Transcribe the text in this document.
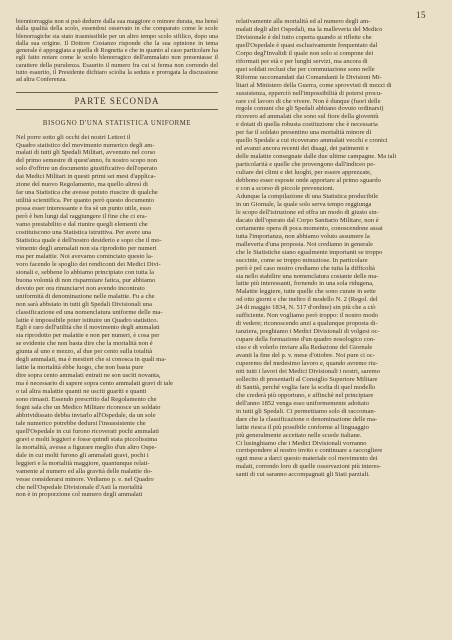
15

bienniorraggia non si può dedurre dalla sua maggiore o minore durata, ma bensì dalla qualità della scolo, essendosi osservato in che comparato come le scole blenorragiche sia stato trasmissibile per un altro tempo scolo sifilico, dopo una dalla sua origine. Il Dottore Costanzo risponde che la sua opinione in tema generale è appoggiata a quella di Rognetta e che in quanto al caso particolare ha egli fatto notare come le scolo blenorragico dell'ammalato non presentasse il carattere della purulenza. Esaurito il numero fra cui si ferma non correndo del tutto esaurito, il Presidente dichiaro sciolta la seduta e prorogata la discussione ad altra Conferenza.

PARTE SECONDA
BISOGNO D'UNA STATISTICA UNIFORME
Nel porre sotto gli occhi dei nostri Lettori il
Quadro statistico del movimento numerico degli am-
malati di tutti gli Spedali Militari, avvenuto nel corso
del primo semestre di quest'anno, fu nostro scopo non
solo d'offrire un documento giustificativo dell'operato
dai Medici Militari in questi primi sei mesi d'applica-
zione del nuovo Regolamento, ma quello altresì di
far una Statistica che avesse potuto riuscire di qualche
utilità scientifica. Per quanto però questo documento
possa esser interessante e fra sè un punto utile, esso
però è ben lungi dal raggiungere il fine che ci era-
vamo prestabilito e dal riunire quegli elementi che
costituiscono una Statistica istruttiva. Per avere una
Statistica quale è dell'nostro desiderio e sopo che il mo-
vimento degli ammalati non sia riprodotto per numeri
ma per malattie. Noi avevamo cominciato questo la-
voro facendo le spoglio dei rendiconti dei Medici Divi-
sionali e, sebbene lo abbiamo principiato con tutta la
buona volontà di non risparmiare fatica, pur abbiamo
dovuto per ora rinunciarvi non avendo incontrato
uniformità di denominazione nelle malattie. Fu a che
non sarà abbstato in tutti gli Spedali Divisionali una
classificazione ed una nomenclatura uniforme delle ma-
lattie è impossibile poter istituire un Quadro statistico.
Egli è raro dell'utilità che il movimento degli ammalati
sia riprodotto per malattie e non per numeri, è cosa per
se evidente che non basta dire che la mortalità non è
giunta al uno e mezzo, al due per cento sulla totalità
degli ammalati, ma è mestieri che si conosca in quali ma-
lattie la mortalità ebbe luogo, che non basta pure
dire sopra cento ammalati entrati ne son usciti novanta,
ma è necessario di sapere sopra cento ammalati gravi di tale
o tal altra malattie quanti ne usciti guariti e quanti
sono rimasti. Essendo prescritto dal Regolamento che
fogni sala che un Medico Militare riconosce un soldato
abbrividissato debba inviarlo all'Ospedale, da un sole
tale numerico potrebbe dedursi l'insussistente che
quell'Ospedale in cui furono ricoverati pochi ammalati
gravi e molti leggieri e fosse quindi stata piccolissima
la mortalità, avesse a figurare meglio d'un altro Ospe-
dale in cui molti furono gli ammalati gravi, pochi i
leggieri e la mortalità maggiore, quantunque relati-
vamente al numero ed alla gravità delle malattie do-
vesse considerarsi minore. Vediamo p. e. nel Quadro
che nell'Ospedale Divisionale d'Asti la mortalità
non è in proporzione col numero degli ammalati
relativamente alla mortalità ed al numero degli am-
malati degli altri Ospedali, ma la malleveria del Medico
Divisionale è del tutto coperta quando si riflette che
quell'Ospedale è quasi esclusivamente frequentato dal
Corpo degl'Invalidi il quale non solo si compone dei
riformati per età e per lunghi servizi, ma ancora di
quei soldati reclusi che per commutazione sono nelle
Riforme raccomandati dai Comandanti le Divisioni Mi-
litari al Ministero della Guerra, come sprovvisti di mezzi di
sussistenza, epperciò nell'impossibilità di potersi procu-
rare col lavoro di che vivere. Non è dunque (fuori delle
regole comuni che gli Spedali abbiano dovuto ordinarsi)
ricovero ad ammalati che sono sul fiore della gioventù
e dotati di quella robusta costituzione che è necessaria
per far il soldato presentino una mortalità minore di
quello Spedale a cui ricoverano ammalati vecchi e cronici
ed avanzi ancora recenti dei disagi, dei patimenti e
delle malattie consegnate dalle due ultime campagne. Ma tali
particolarità e quelle che provengono dall'indiceo pe-
culiare dei climi e dei luoghi, per essere apprezzate,
debbono esser esposte onde apportare al primo sguardo
e con a scorso di piccole prevenzioni.
Adunque la compilazione di una Statistica producibile
in un Giornale, la quale solo serva tempo reggiunga
le scopo dell'istruzione ed offra un modo di giusto sin-
dacato dell'operato dal Corpo Sanitario Militare, non è
certamente opera di poca momento, conoscendone assai
tutta l'importanza, non abbiamo voluto assumere la
malleveria d'una proposta. Noi crediamo in generale
che le Statistiche siano egualmente importanti se troppo
succinte, come se troppo minuziose. In particolare
però è pel caso nostro crediamo che tutta la difficoltà
sia nello stabilire una nomenclatura costante delle ma-
lattie più interessanti, fornendo in una sola ridugena,
Malattie leggiere, tutte quelle che sono curate in sette
od otto giorni e che ineltro il modello N. 2 (Regol. del
24 di maggio 1834, N. 517 d'ordine) sin più che a ciò
sufficiente. Non vogliamo però troppo: il nostro modo
di vedere; riconoscendo anzi a qualunque proposta di-
tanziera, preghiamo i Medici Divisionali di volgesi oc-
cupare della formazione d'un quadro nosologico con-
ciso e di volerlo inviare alla Redazione del Giornale
avanti la fine del p. v. mese d'ottobre. Noi pure ci oc-
cuperemo del medesimo lavoro e, quando avremo riu-
niti tutti i lavori dei Medici Divisionali i nostri, saremo
sollecito di presentarli al Consiglio Superiore Militare
di Sanità, perché voglia fare la scelta di quel modello
che crederà più opportuno, e affinchè nel principiare
dell'anno 1852 venga esso uniformemente adottato
in tutti gli Spedali. Ci permettiamo solo di raccoman-
dare che la classificazione o denominazione delle ma-
lattie riesca il più possibile conforme al linguaggio
più generalmente accettato nelle scuole italiane.
Ci lusinghiamo che i Medici Divisionali vorranno
corrispondere al nostro invito e continuare a raccogliere
ogni mese a darci questo materiale col movimento dei
malati, correndo loro di quelle osservazioni più interes-
santi di cui saranno accompagnati gli Stati parziali.
